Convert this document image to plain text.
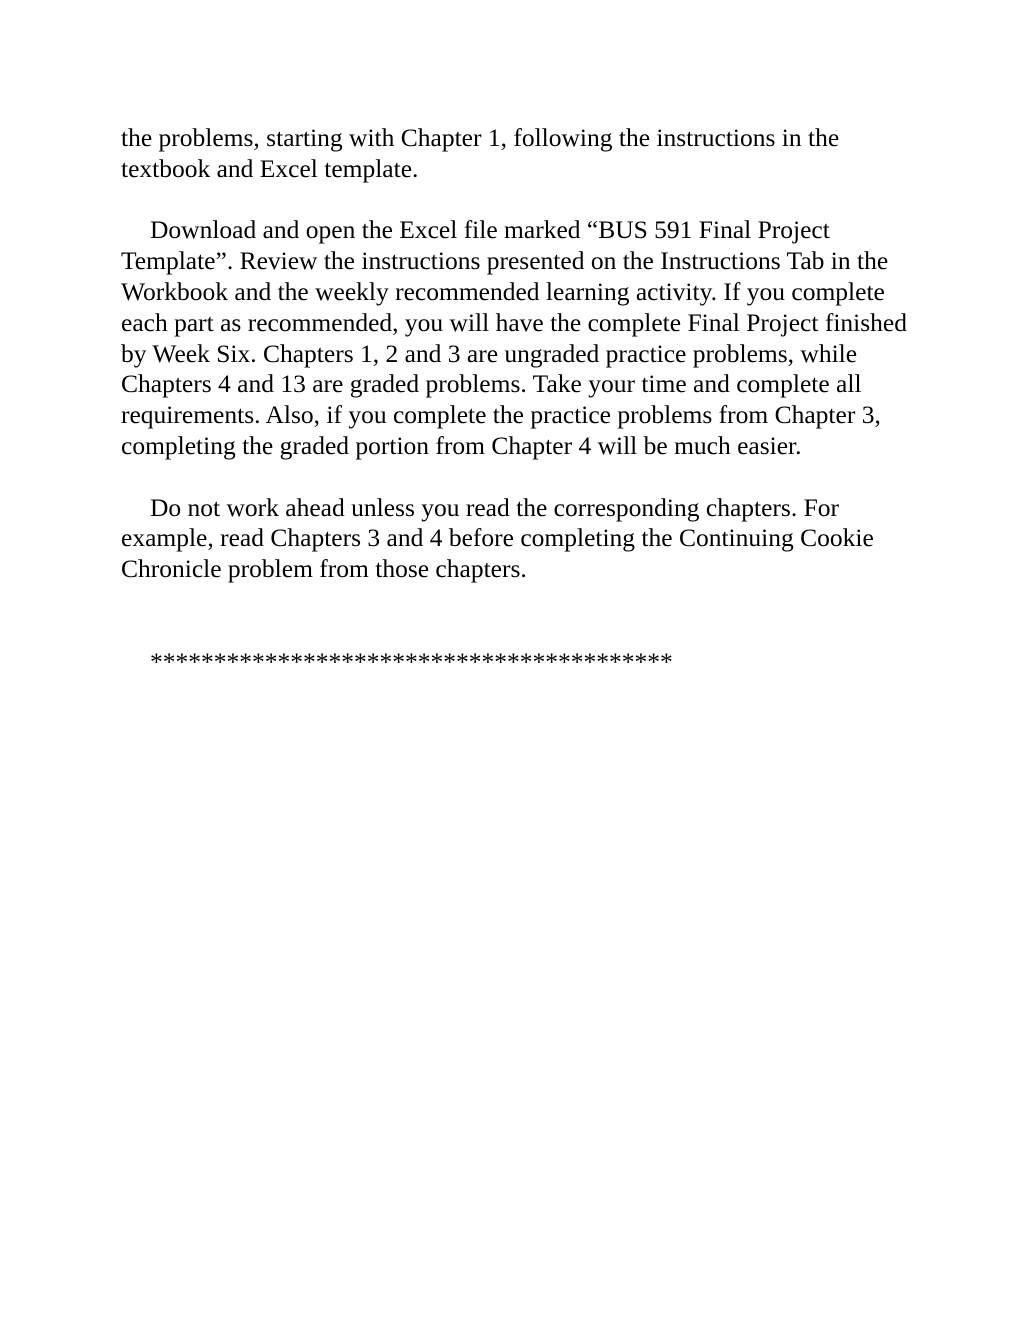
the problems, starting with Chapter 1, following the instructions in the textbook and Excel template.

Download and open the Excel file marked “BUS 591 Final Project Template”. Review the instructions presented on the Instructions Tab in the Workbook and the weekly recommended learning activity. If you complete each part as recommended, you will have the complete Final Project finished by Week Six. Chapters 1, 2 and 3 are ungraded practice problems, while Chapters 4 and 13 are graded problems. Take your time and complete all requirements. Also, if you complete the practice problems from Chapter 3, completing the graded portion from Chapter 4 will be much easier.

Do not work ahead unless you read the corresponding chapters. For example, read Chapters 3 and 4 before completing the Continuing Cookie Chronicle problem from those chapters.

*****************************************
